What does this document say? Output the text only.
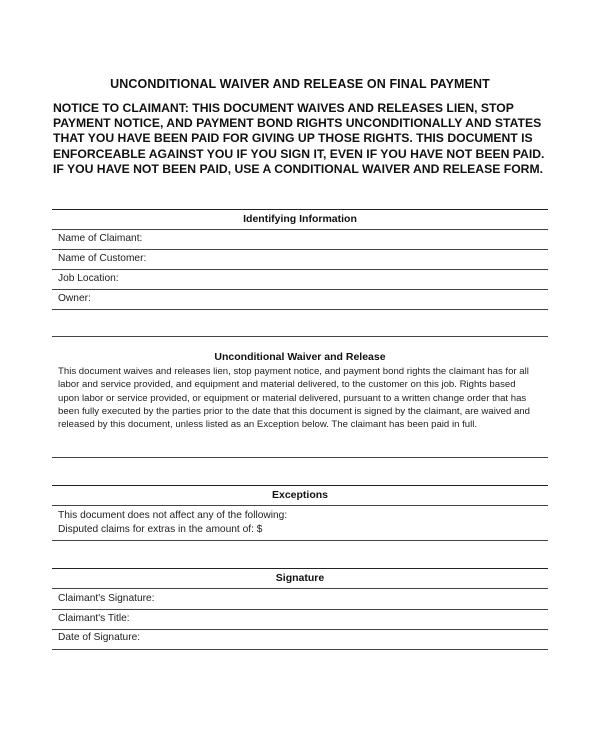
UNCONDITIONAL WAIVER AND RELEASE ON FINAL PAYMENT
NOTICE TO CLAIMANT: THIS DOCUMENT WAIVES AND RELEASES LIEN, STOP PAYMENT NOTICE, AND PAYMENT BOND RIGHTS UNCONDITIONALLY AND STATES THAT YOU HAVE BEEN PAID FOR GIVING UP THOSE RIGHTS. THIS DOCUMENT IS ENFORCEABLE AGAINST YOU IF YOU SIGN IT, EVEN IF YOU HAVE NOT BEEN PAID. IF YOU HAVE NOT BEEN PAID, USE A CONDITIONAL WAIVER AND RELEASE FORM.
Identifying Information
Name of Claimant:
Name of Customer:
Job Location:
Owner:
Unconditional Waiver and Release
This document waives and releases lien, stop payment notice, and payment bond rights the claimant has for all labor and service provided, and equipment and material delivered, to the customer on this job. Rights based upon labor or service provided, or equipment or material delivered, pursuant to a written change order that has been fully executed by the parties prior to the date that this document is signed by the claimant, are waived and released by this document, unless listed as an Exception below. The claimant has been paid in full.
Exceptions
This document does not affect any of the following:
Disputed claims for extras in the amount of: $
Signature
Claimant's Signature:
Claimant's Title:
Date of Signature:
